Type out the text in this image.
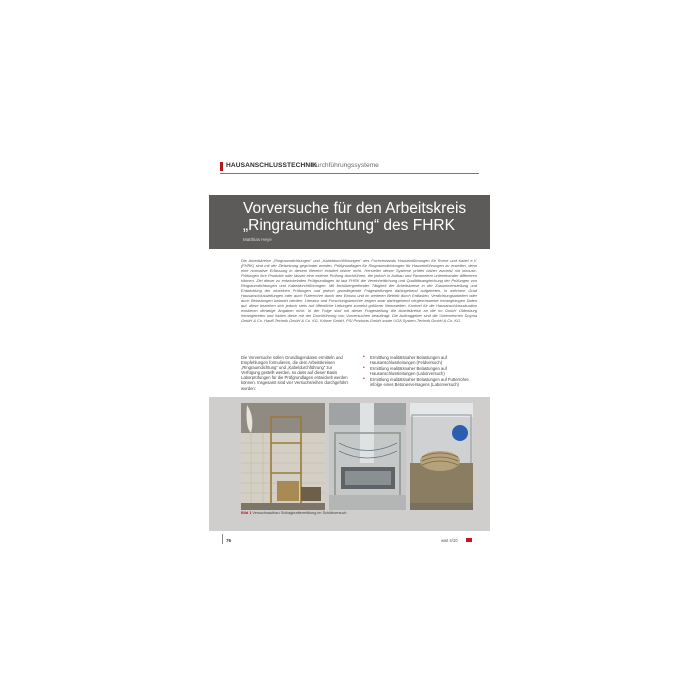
HAUSANSCHLUSSTECHNIK
Durchführungssysteme
Vorversuche für den Arbeitskreis
„Ringraumdichtung“ des FHRK
Matthias Heye
Die Arbeitskreise „Ringraumdichtungen“ und „Kabeldurchführungen“ des Fachverbands Hauseinführungen für Rohre und Kabel e.V. (FHRK) sind mit der Zielsetzung gegründet worden, Prüfgrundlagen für Ringraumdichtungen für Hauseinführungen zu erstellen, denn eine normative Erfassung in diesem Bereich existiert bisher nicht. Hersteller dieser Systeme prüfen bisher zumeist mit inhouse-Prüfungen ihre Produkte oder lassen eine externe Prüfung durchführen, die jedoch in Aufbau und Parametern untereinander differieren können. Ziel dieser zu entwickelnden Prüfgrundlagen ist laut FHRK die Vereinheitlichung und Qualitätsangleichung der Prüfungen von Ringraumdichtungen und Kabeldurchführungen. Mit fachübergreifender Tätigkeit der Arbeitskreise in der Zusammenstellung und Entwicklung der einzelnen Prüfungen und jedoch grundlegende Fragestellungen dahingehend aufgetreten, in welchem Grad Hausanschlussleitungen oder auch Futterrohre durch den Einbau und im weiteren Betrieb durch Erdlasten, Verdichtungsarbeiten oder auch Belastungen belastet werden. Literatur und Forschungsberichte zeigen zwar dahingehend vergleichsweise herangezogen Daten auf, diese beziehen sich jedoch stets auf öffentliche Leitungen zumeist größerer Nennweiten. Konkret für die Hausanschlusssituation existieren derartige Angaben nicht. In der Folge sind mit dieser Fragestellung die Arbeitskreise an die iro GmbH Oldenburg herangetreten und haben diese mit der Durchführung von Vorversuchen beauftragt. Die Auftraggeber sind die Unternehmen Doyma GmbH & Co. Hauff-Technik GmbH & Co. KG, Kröner GmbH, PSI Products GmbH sowie UGA System-Technik GmbH & Co. KG.
Die Vorversuche sollen Grundlagendaten ermitteln und Empfehlungen formulieren, die dem Arbeitskreisen „Ringraumdichtung“ und „Kabeldurchführung“ zur Verfügung gestellt werden, so dass auf dieser Basis Laborprüfungen für die Prüfgrundlagen entwickelt werden können. Insgesamt sind vier Versuchsreihen durchgeführt worden:
• Ermittlung realitätsnaher Belastungen auf Hausanschlussleitungen (Feldversuch)
• Ermittlung realitätsnaher Belastungen auf Hausanschlussleitungen (Laborversuch)
• Ermittlung realitätsnaher Belastungen auf Futterrohre infolge eines Betonierversagens (Laborversuch)
Bild 1 Versuchsaufbau Schlagkraftermittlung im Schüttversuch
76	wwt 4/10
